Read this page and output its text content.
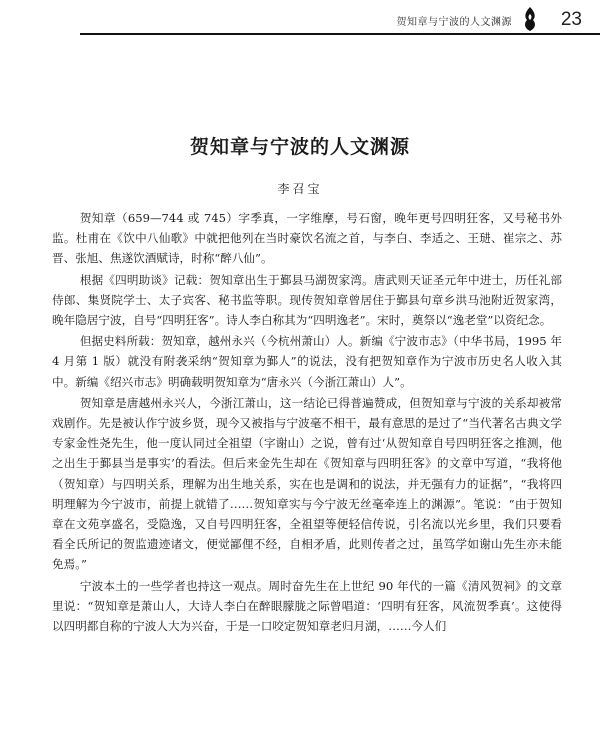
贺知章与宁波的人文渊源	23
贺知章与宁波的人文渊源
李召宝

贺知章（659—744 或 745）字季真，一字维摩，号石窗，晚年更号四明狂客，又号秘书外监。杜甫在《饮中八仙歌》中就把他列在当时豪饮名流之首，与李白、李适之、王琎、崔宗之、苏晋、张旭、焦遂饮酒赋诗，时称“醉八仙”。

根据《四明助谈》记载：贺知章出生于鄞县马湖贺家湾。唐武则天证圣元年中进士，历任礼部侍郎、集贤院学士、太子宾客、秘书监等职。现传贺知章曾居住于鄞县句章乡洪马池附近贺家湾，晚年隐居宁波，自号“四明狂客”。诗人李白称其为“四明逸老”。宋时，奠祭以“逸老堂”以资纪念。

但据史料所载：贺知章，越州永兴（今杭州萧山）人。新编《宁波市志》（中华书局，1995 年 4 月第 1 版）就没有附袭采纳“贺知章为鄞人”的说法，没有把贺知章作为宁波市历史名人收入其中。新编《绍兴市志》明确载明贺知章为“唐永兴（今浙江萧山）人”。

贺知章是唐越州永兴人，今浙江萧山，这一结论已得普遍赞成，但贺知章与宁波的关系却被常戏剧作。先是被认作宁波乡贤，现今又被指与宁波毫不相干，最有意思的是过了“当代著名古典文学专家金性尧先生，他一度认同过全祖望（字谢山）之说，曾有过‘从贺知章自号四明狂客之推测，他之出生于鄞县当是事实’的看法。但后来金先生却在《贺知章与四明狂客》的文章中写道，“我将他（贺知章）与四明关系，理解为出生地关系，实在也是调和的说法，并无强有力的证据”，“我将四明理解为今宁波市，前提上就错了……贺知章实与今宁波无丝毫牵连上的渊源”。笔说：“由于贺知章在文苑享盛名，受隐逸，又自号四明狂客，全祖望等便轻信传说，引名流以光乡里，我们只要看看全氏所记的贺监遗迹诸文，便觉鄙俚不经，自相矛盾，此则传者之过，虽笃学如谢山先生亦未能免焉。”

宁波本土的一些学者也持这一观点。周时奋先生在上世纪 90 年代的一篇《清风贺祠》的文章里说：“贺知章是萧山人，大诗人李白在醉眼朦胧之际曾唱道：‘四明有狂客，风流贺季真’。这使得以四明都自称的宁波人大为兴奋，于是一口咬定贺知章老归月湖，……今人们
